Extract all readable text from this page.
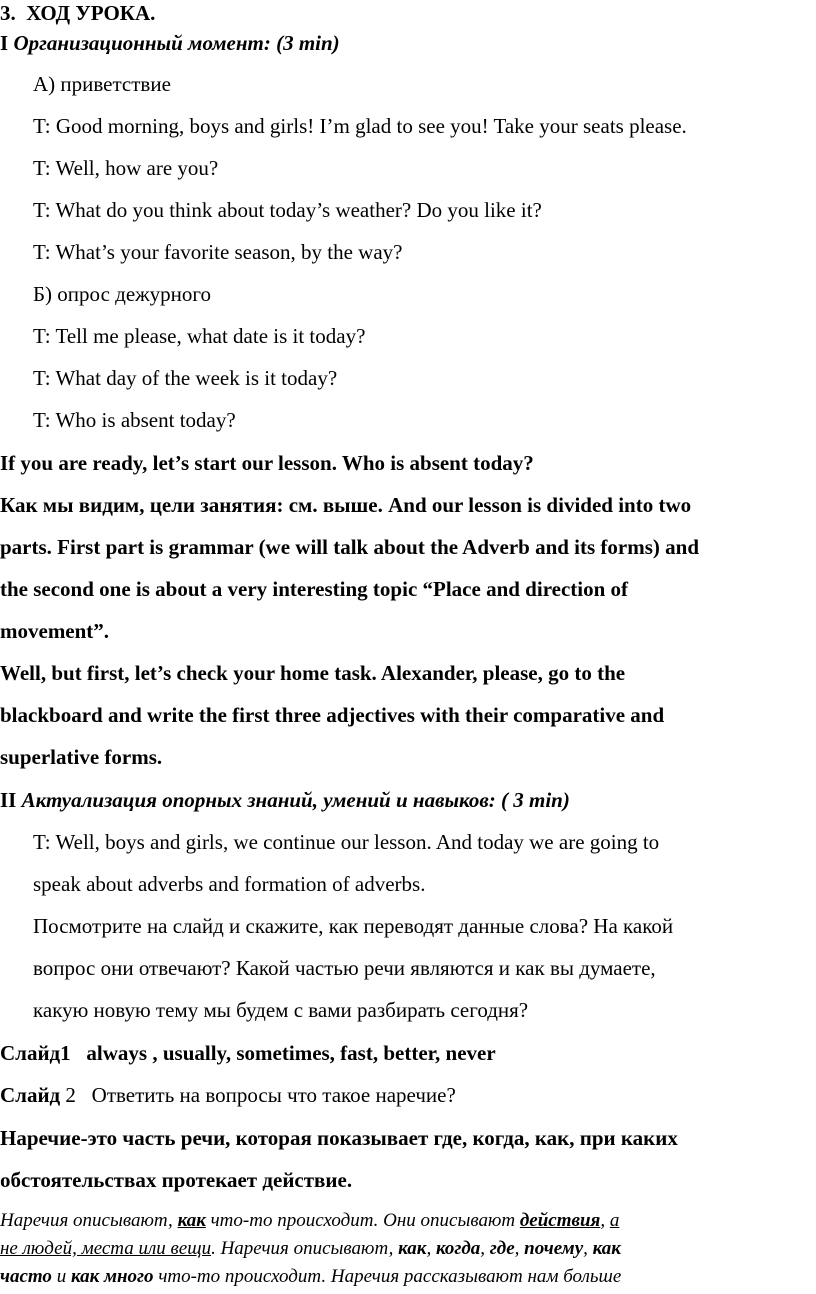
3. ХОД УРОКА.
I Организационный момент: (3 min)
А) приветствие
T: Good morning, boys and girls! I’m glad to see you! Take your seats please.
T: Well, how are you?
T: What do you think about today’s weather? Do you like it?
T: What’s your favorite season, by the way?
Б) опрос дежурного
T: Tell me please, what date is it today?
T: What day of the week is it today?
T: Who is absent today?
If you are ready, let’s start our lesson. Who is absent today?
Как мы видим, цели занятия: см. выше. And our lesson is divided into two
parts. First part is grammar (we will talk about the Adverb and its forms) and
the second one is about a very interesting topic “Place and direction of
movement”.
Well, but first, let’s check your home task. Alexander, please, go to the
blackboard and write the first three adjectives with their comparative and
superlative forms.
II Актуализация опорных знаний, умений и навыков: ( 3 min)
T: Well, boys and girls, we continue our lesson. And today we are going to
speak about adverbs and formation of adverbs.
Посмотрите на слайд и скажите, как переводят данные слова? На какой
вопрос они отвечают? Какой частью речи являются и как вы думаете,
какую новую тему мы будем с вами разбирать сегодня?
Слайд1 always , usually, sometimes, fast, better, never
Слайд 2 Ответить на вопросы что такое наречие?
Наречие-это часть речи, которая показывает где, когда, как, при каких
обстоятельствах протекает действие.
Наречия описывают, как что-то происходит. Они описывают действия, а
не людей, места или вещи. Наречия описывают, как, когда, где, почему, как
часто и как много что-то происходит. Наречия рассказывают нам больше
